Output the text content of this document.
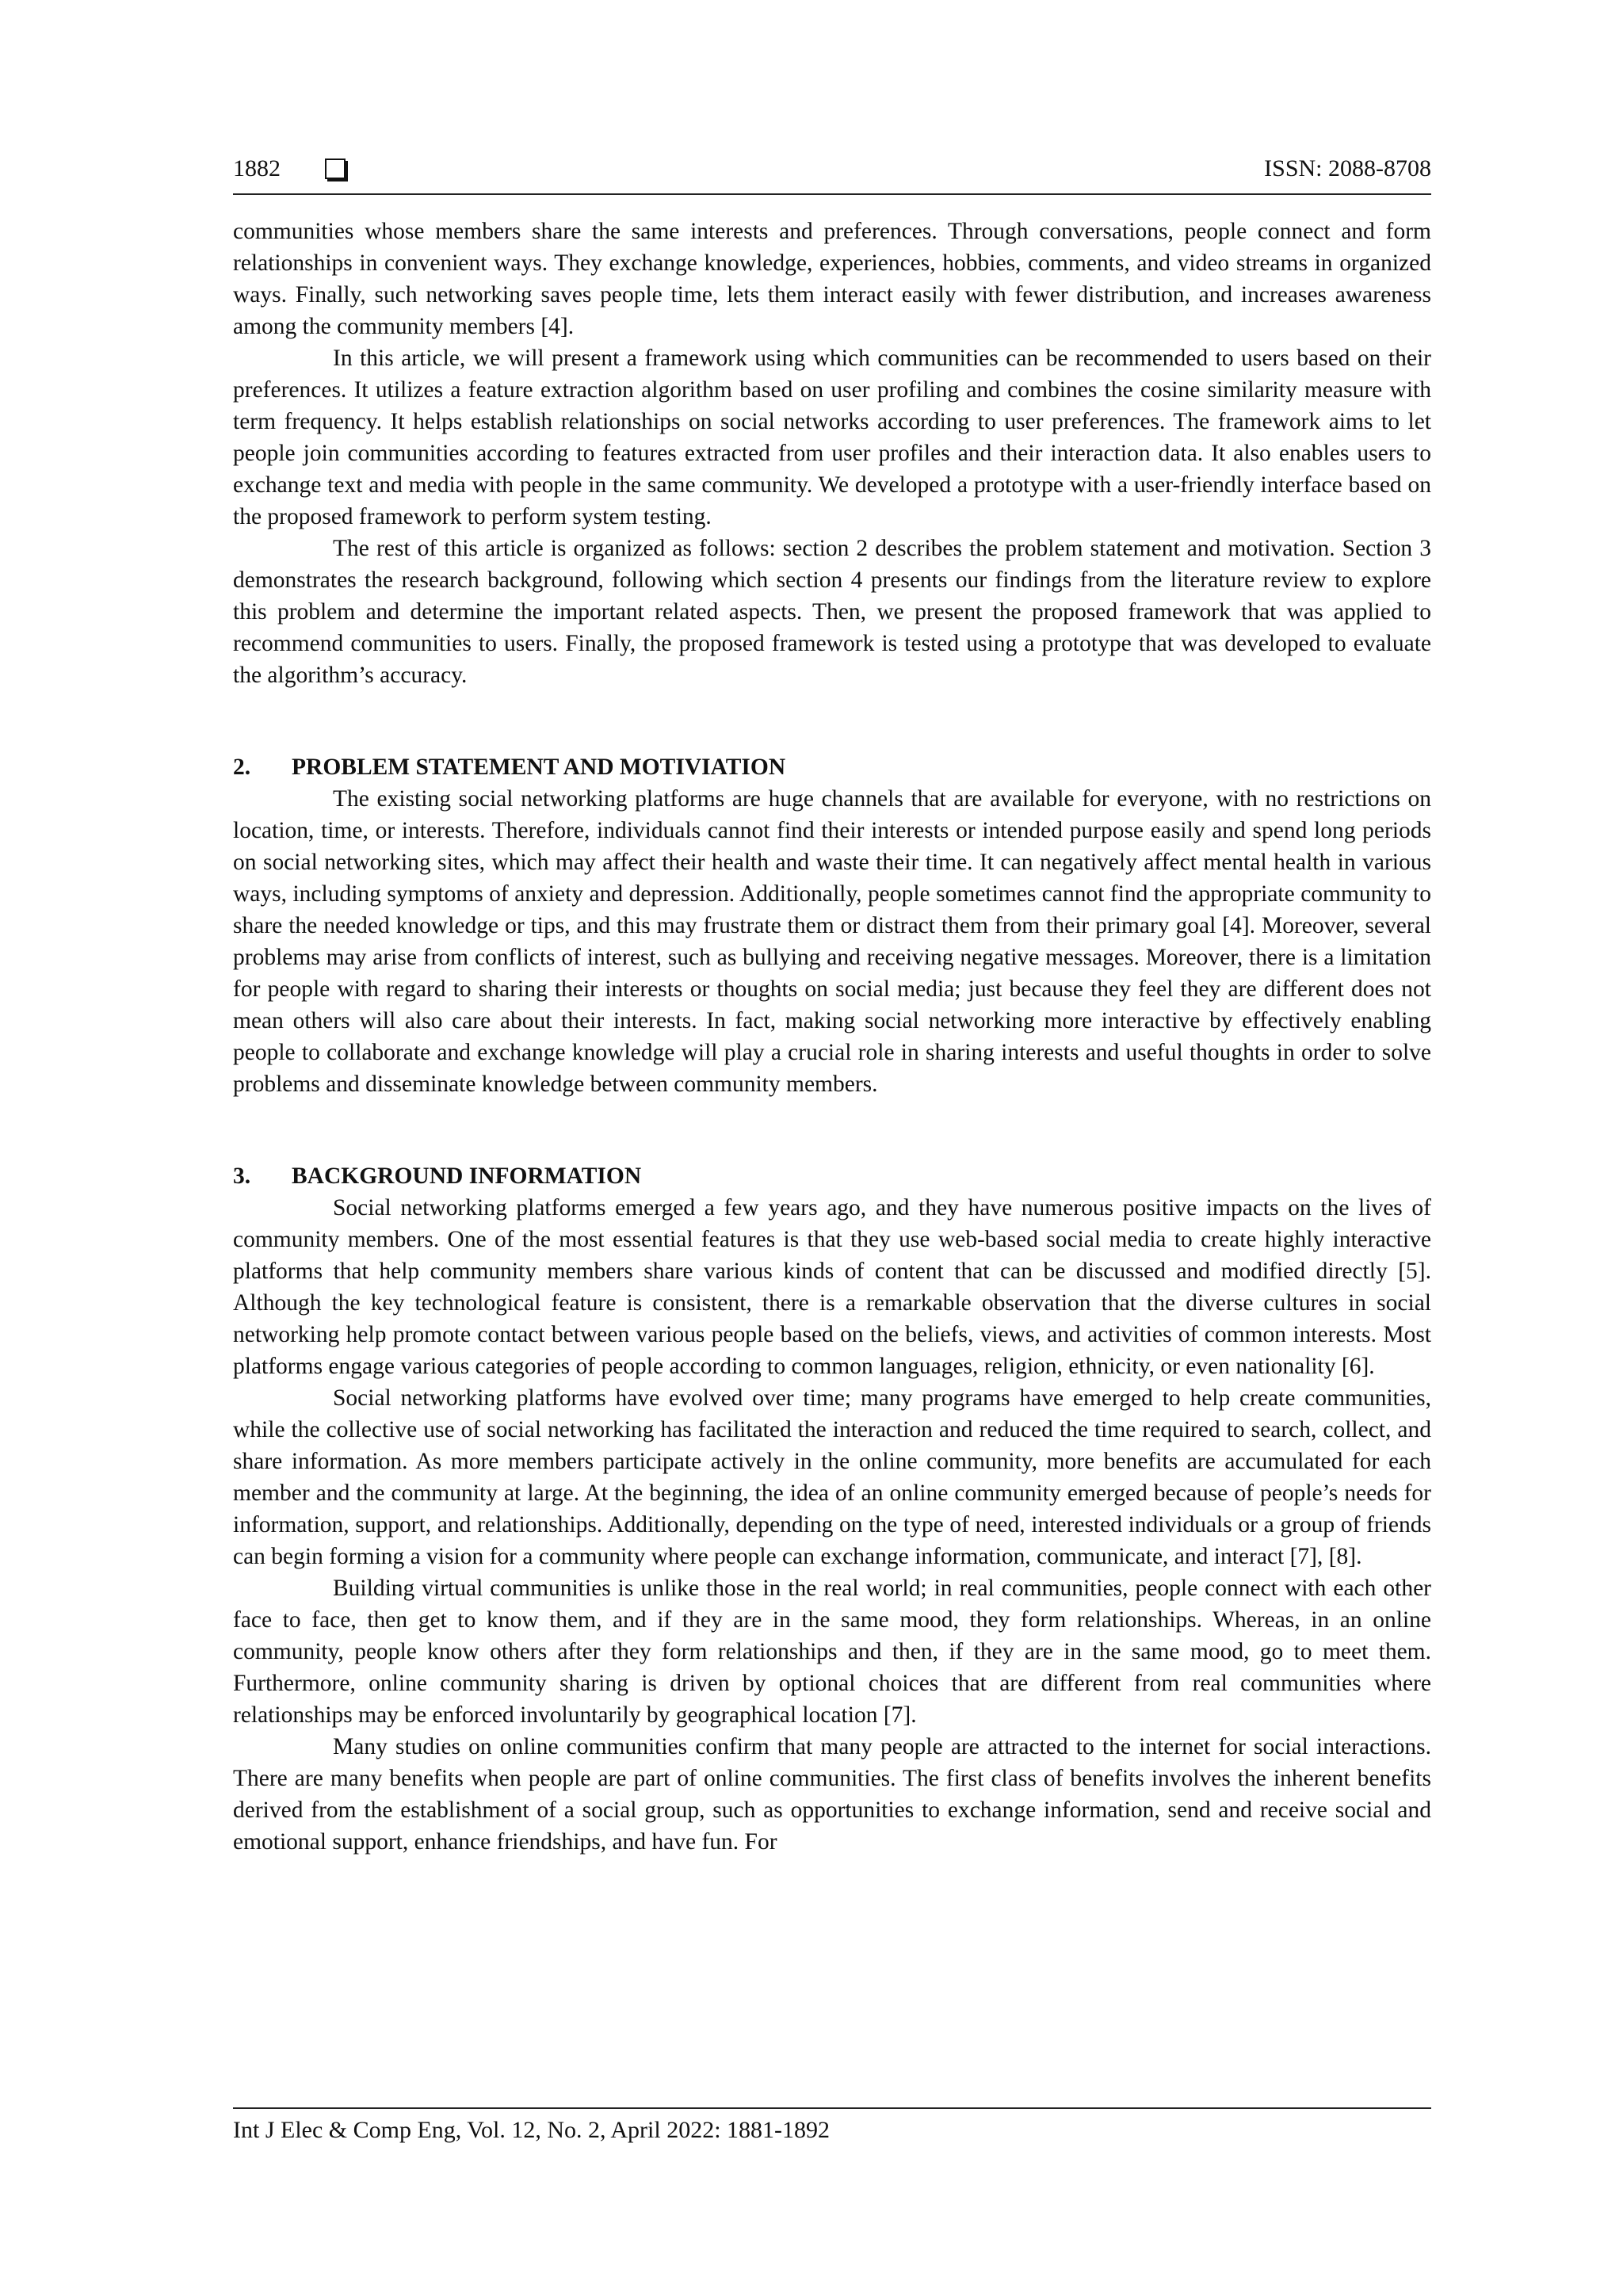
1882	ISSN: 2088-8708

communities whose members share the same interests and preferences. Through conversations, people connect and form relationships in convenient ways. They exchange knowledge, experiences, hobbies, comments, and video streams in organized ways. Finally, such networking saves people time, lets them interact easily with fewer distribution, and increases awareness among the community members [4].

In this article, we will present a framework using which communities can be recommended to users based on their preferences. It utilizes a feature extraction algorithm based on user profiling and combines the cosine similarity measure with term frequency. It helps establish relationships on social networks according to user preferences. The framework aims to let people join communities according to features extracted from user profiles and their interaction data. It also enables users to exchange text and media with people in the same community. We developed a prototype with a user-friendly interface based on the proposed framework to perform system testing.

The rest of this article is organized as follows: section 2 describes the problem statement and motivation. Section 3 demonstrates the research background, following which section 4 presents our findings from the literature review to explore this problem and determine the important related aspects. Then, we present the proposed framework that was applied to recommend communities to users. Finally, the proposed framework is tested using a prototype that was developed to evaluate the algorithm’s accuracy.

2. PROBLEM STATEMENT AND MOTIVIATION

The existing social networking platforms are huge channels that are available for everyone, with no restrictions on location, time, or interests. Therefore, individuals cannot find their interests or intended purpose easily and spend long periods on social networking sites, which may affect their health and waste their time. It can negatively affect mental health in various ways, including symptoms of anxiety and depression. Additionally, people sometimes cannot find the appropriate community to share the needed knowledge or tips, and this may frustrate them or distract them from their primary goal [4]. Moreover, several problems may arise from conflicts of interest, such as bullying and receiving negative messages. Moreover, there is a limitation for people with regard to sharing their interests or thoughts on social media; just because they feel they are different does not mean others will also care about their interests. In fact, making social networking more interactive by effectively enabling people to collaborate and exchange knowledge will play a crucial role in sharing interests and useful thoughts in order to solve problems and disseminate knowledge between community members.

3. BACKGROUND INFORMATION

Social networking platforms emerged a few years ago, and they have numerous positive impacts on the lives of community members. One of the most essential features is that they use web-based social media to create highly interactive platforms that help community members share various kinds of content that can be discussed and modified directly [5]. Although the key technological feature is consistent, there is a remarkable observation that the diverse cultures in social networking help promote contact between various people based on the beliefs, views, and activities of common interests. Most platforms engage various categories of people according to common languages, religion, ethnicity, or even nationality [6].

Social networking platforms have evolved over time; many programs have emerged to help create communities, while the collective use of social networking has facilitated the interaction and reduced the time required to search, collect, and share information. As more members participate actively in the online community, more benefits are accumulated for each member and the community at large. At the beginning, the idea of an online community emerged because of people’s needs for information, support, and relationships. Additionally, depending on the type of need, interested individuals or a group of friends can begin forming a vision for a community where people can exchange information, communicate, and interact [7], [8].

Building virtual communities is unlike those in the real world; in real communities, people connect with each other face to face, then get to know them, and if they are in the same mood, they form relationships. Whereas, in an online community, people know others after they form relationships and then, if they are in the same mood, go to meet them. Furthermore, online community sharing is driven by optional choices that are different from real communities where relationships may be enforced involuntarily by geographical location [7].

Many studies on online communities confirm that many people are attracted to the internet for social interactions. There are many benefits when people are part of online communities. The first class of benefits involves the inherent benefits derived from the establishment of a social group, such as opportunities to exchange information, send and receive social and emotional support, enhance friendships, and have fun. For

Int J Elec & Comp Eng, Vol. 12, No. 2, April 2022: 1881-1892
